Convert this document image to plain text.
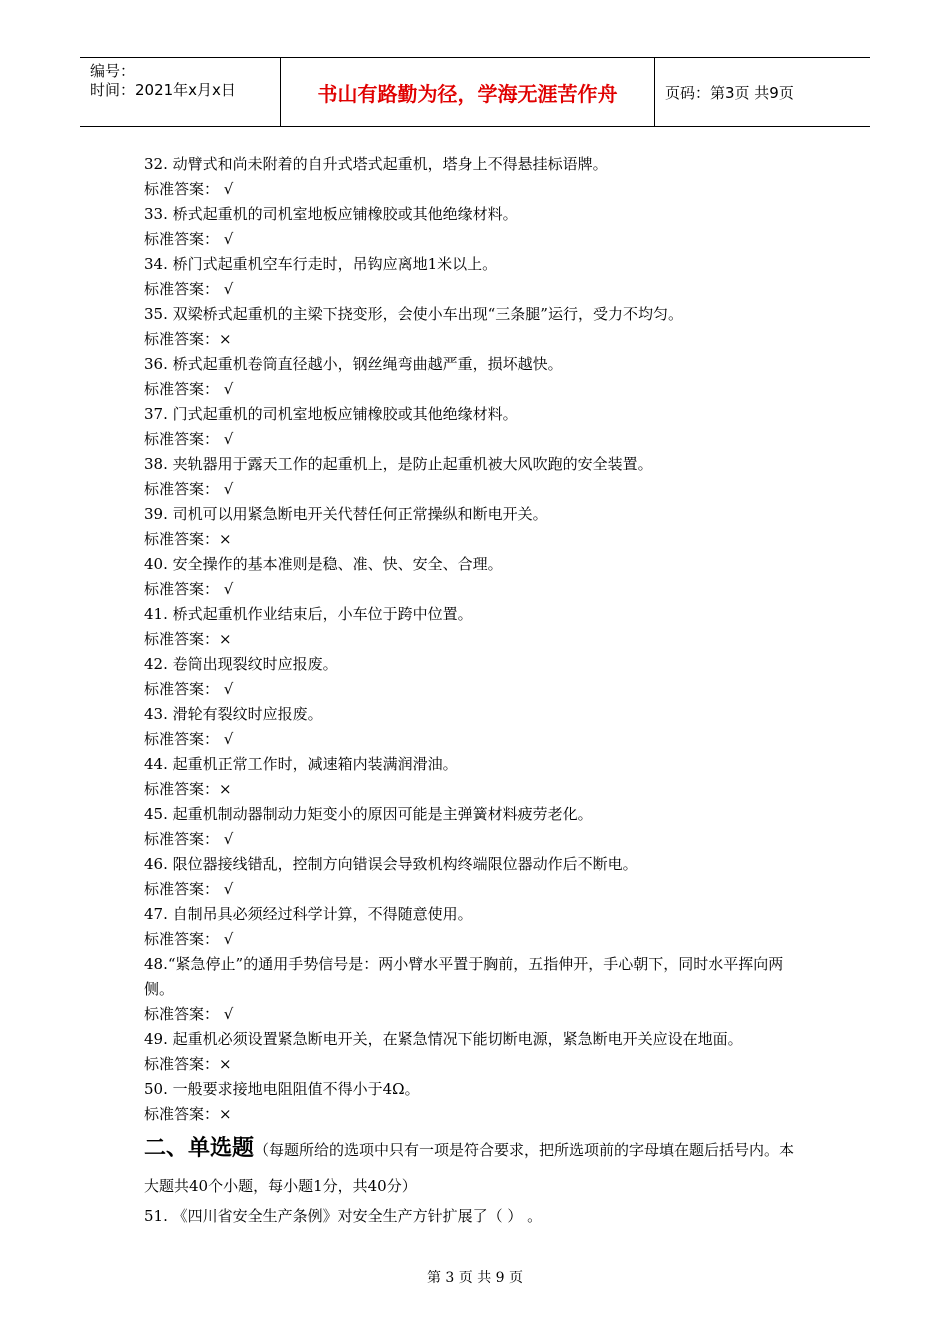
编号：
时间：2021年x月x日	书山有路勤为径，学海无涯苦作舟	页码：第3页 共9页

32. 动臂式和尚未附着的自升式塔式起重机，塔身上不得悬挂标语牌。

标准答案： √

33. 桥式起重机的司机室地板应铺橡胶或其他绝缘材料。

标准答案： √

34. 桥门式起重机空车行走时，吊钩应离地1米以上。

标准答案： √

35. 双梁桥式起重机的主梁下挠变形，会使小车出现“三条腿”运行，受力不均匀。

标准答案：×

36. 桥式起重机卷筒直径越小，钢丝绳弯曲越严重，损坏越快。

标准答案： √

37. 门式起重机的司机室地板应铺橡胶或其他绝缘材料。

标准答案： √

38. 夹轨器用于露天工作的起重机上，是防止起重机被大风吹跑的安全装置。

标准答案： √

39. 司机可以用紧急断电开关代替任何正常操纵和断电开关。

标准答案：×

40. 安全操作的基本准则是稳、准、快、安全、合理。

标准答案： √

41. 桥式起重机作业结束后，小车位于跨中位置。

标准答案：×

42. 卷筒出现裂纹时应报废。

标准答案： √

43. 滑轮有裂纹时应报废。

标准答案： √

44. 起重机正常工作时，减速箱内装满润滑油。

标准答案：×

45. 起重机制动器制动力矩变小的原因可能是主弹簧材料疲劳老化。

标准答案： √

46. 限位器接线错乱，控制方向错误会导致机构终端限位器动作后不断电。

标准答案： √

47. 自制吊具必须经过科学计算，不得随意使用。

标准答案： √

48.“紧急停止”的通用手势信号是：两小臂水平置于胸前，五指伸开，手心朝下，同时水平挥向两侧。

标准答案： √

49. 起重机必须设置紧急断电开关，在紧急情况下能切断电源，紧急断电开关应设在地面。

标准答案：×

50. 一般要求接地电阻阻值不得小于4Ω。

标准答案：×

二、单选题（每题所给的选项中只有一项是符合要求，把所选项前的字母填在题后括号内。本大题共40个小题，每小题1分，共40分）

51. 《四川省安全生产条例》对安全生产方针扩展了（ ） 。

第 3 页 共 9 页
